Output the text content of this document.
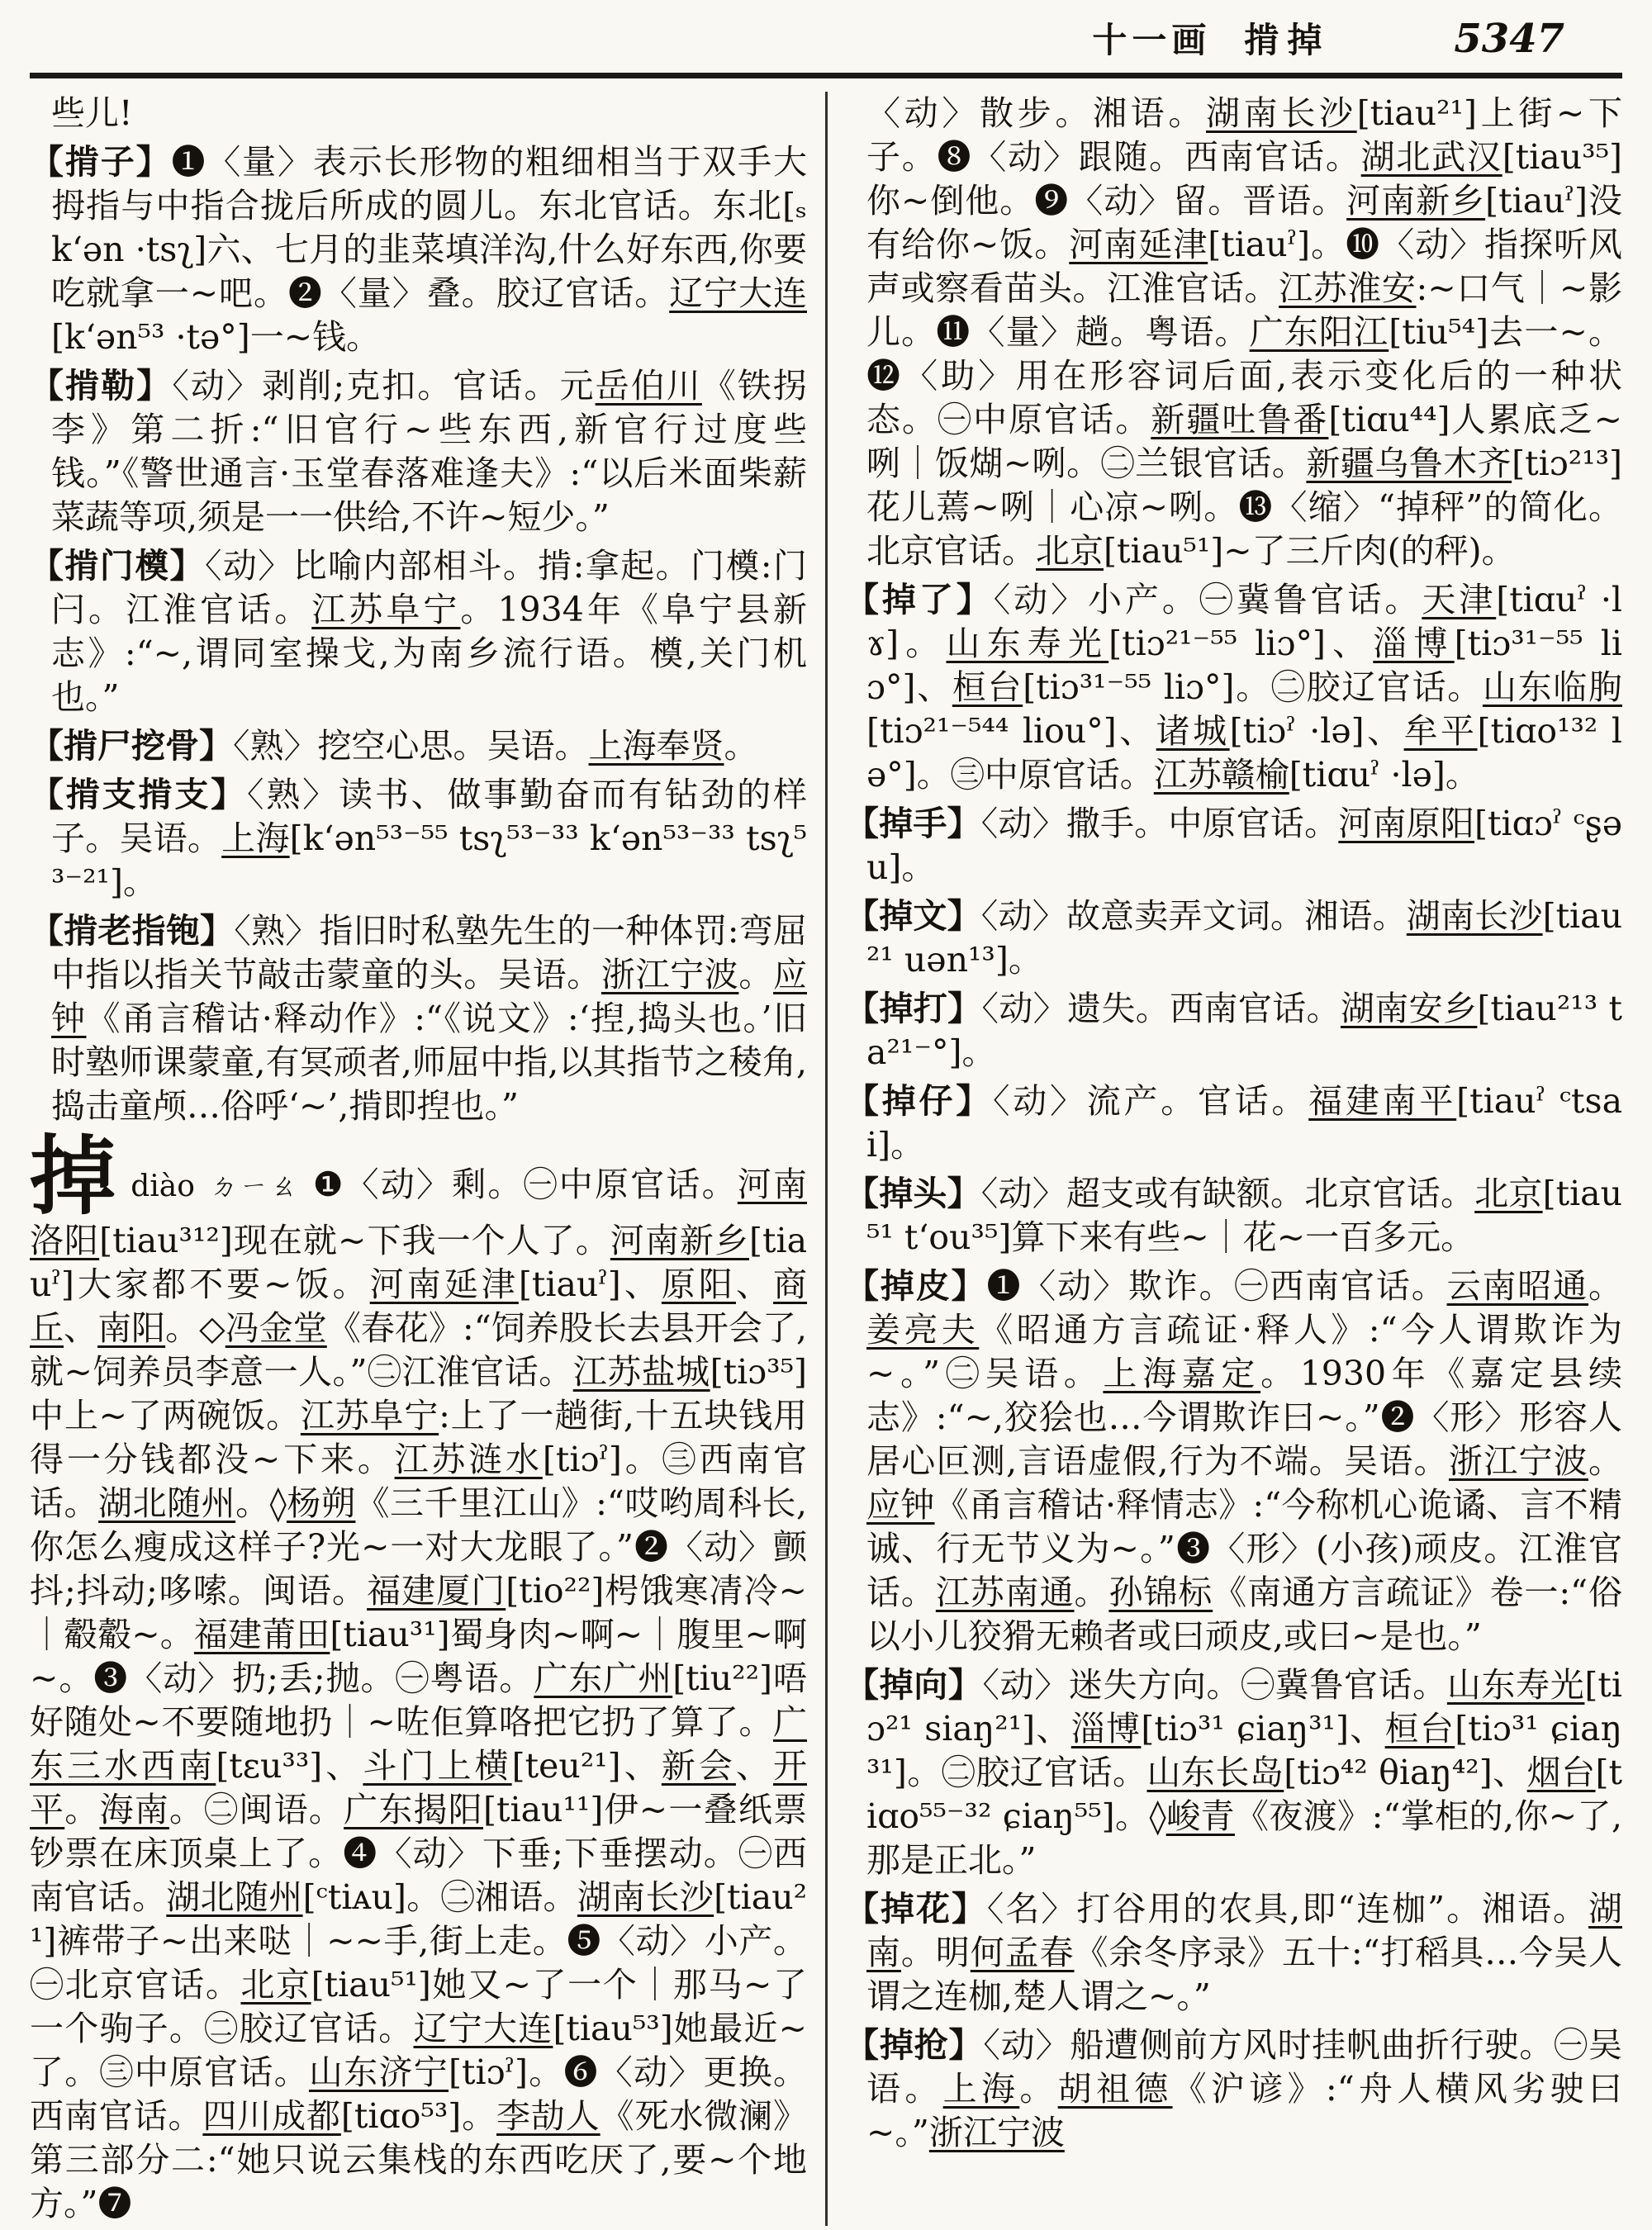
十一画 掯掉	5347

些儿!

【掯子】❶〈量〉表示长形物的粗细相当于双手大拇指与中指合拢后所成的圆儿。东北官话。东北[ₛk‘ən ·tsʅ]六、七月的韭菜填洋沟,什么好东西,你要吃就拿一~吧。❷〈量〉叠。胶辽官话。辽宁大连[k‘ən⁵³ ·tə°]一~钱。

【掯勒】〈动〉剥削;克扣。官话。元岳伯川《铁拐李》第二折:“旧官行~些东西,新官行过度些钱。”《警世通言·玉堂春落难逢夫》:“以后米面柴薪菜蔬等项,须是一一供给,不许~短少。”

【掯门橂】〈动〉比喻内部相斗。掯:拿起。门橂:门闩。江淮官话。江苏阜宁。1934年《阜宁县新志》:“~,谓同室操戈,为南乡流行语。橂,关门机也。”

【掯尸挖骨】〈熟〉挖空心思。吴语。上海奉贤。

【掯支掯支】〈熟〉读书、做事勤奋而有钻劲的样子。吴语。上海[k‘ən⁵³⁻⁵⁵ tsʅ⁵³⁻³³ k‘ən⁵³⁻³³ tsʅ⁵³⁻²¹]。

【掯老指铇】〈熟〉指旧时私塾先生的一种体罚:弯屈中指以指关节敲击蒙童的头。吴语。浙江宁波。应钟《甬言稽诂·释动作》:“《说文》:‘揑,捣头也。’旧时塾师课蒙童,有冥顽者,师屈中指,以其指节之稜角,捣击童颅…俗呼‘~’,掯即揑也。”

掉diào ㄉㄧㄠ ❶〈动〉剩。㊀中原官话。河南洛阳[tiau³¹²]现在就~下我一个人了。河南新乡[tiauˀ]大家都不要~饭。河南延津[tiauˀ]、原阳、商丘、南阳。◇冯金堂《春花》:“饲养股长去县开会了,就~饲养员李意一人。”㊁江淮官话。江苏盐城[tiɔ³⁵]中上~了两碗饭。江苏阜宁:上了一趟街,十五块钱用得一分钱都没~下来。江苏涟水[tiɔˀ]。㊂西南官话。湖北随州。◊杨朔《三千里江山》:“哎哟周科长,你怎么瘦成这样子?光~一对大龙眼了。”❷〈动〉颤抖;抖动;哆嗦。闽语。福建厦门[tio²²]枵饿寒凊冷~｜觳觳~。福建莆田[tiau³¹]蜀身肉~啊~｜腹里~啊~。❸〈动〉扔;丢;抛。㊀粤语。广东广州[tiu²²]唔好随处~不要随地扔｜~咗佢算咯把它扔了算了。广东三水西南[tɛu³³]、斗门上横[teu²¹]、新会、开平。海南。㊁闽语。广东揭阳[tiau¹¹]伊~一叠纸票钞票在床顶桌上了。❹〈动〉下垂;下垂摆动。㊀西南官话。湖北随州[ᶜtiᴀu]。㊁湘语。湖南长沙[tiau²¹]裤带子~出来哒｜~~手,街上走。❺〈动〉小产。㊀北京官话。北京[tiau⁵¹]她又~了一个｜那马~了一个驹子。㊁胶辽官话。辽宁大连[tiau⁵³]她最近~了。㊂中原官话。山东济宁[tiɔˀ]。❻〈动〉更换。西南官话。四川成都[tiɑo⁵³]。李劼人《死水微澜》第三部分二:“她只说云集栈的东西吃厌了,要~个地方。”❼

〈动〉散步。湘语。湖南长沙[tiau²¹]上街~下子。❽〈动〉跟随。西南官话。湖北武汉[tiau³⁵]你~倒他。❾〈动〉留。晋语。河南新乡[tiauˀ]没有给你~饭。河南延津[tiauˀ]。❿〈动〉指探听风声或察看苗头。江淮官话。江苏淮安:~口气｜~影儿。⓫〈量〉趟。粤语。广东阳江[tiu⁵⁴]去一~。⓬〈助〉用在形容词后面,表示变化后的一种状态。㊀中原官话。新疆吐鲁番[tiɑu⁴⁴]人累底乏~咧｜饭煳~咧。㊁兰银官话。新疆乌鲁木齐[tiɔ²¹³]花儿蔫~咧｜心凉~咧。⓭〈缩〉“掉秤”的简化。北京官话。北京[tiau⁵¹]~了三斤肉(的秤)。

【掉了】〈动〉小产。㊀冀鲁官话。天津[tiɑuˀ ·lɤ]。山东寿光[tiɔ²¹⁻⁵⁵ liɔ°]、淄博[tiɔ³¹⁻⁵⁵ liɔ°]、桓台[tiɔ³¹⁻⁵⁵ liɔ°]。㊁胶辽官话。山东临朐[tiɔ²¹⁻⁵⁴⁴ liou°]、诸城[tiɔˀ ·lə]、牟平[tiɑo¹³² lə°]。㊂中原官话。江苏赣榆[tiɑuˀ ·lə]。

【掉手】〈动〉撒手。中原官话。河南原阳[tiɑɔˀ ᶜʂəu]。

【掉文】〈动〉故意卖弄文词。湘语。湖南长沙[tiau²¹ uən¹³]。

【掉打】〈动〉遗失。西南官话。湖南安乡[tiau²¹³ ta²¹⁻°]。

【掉仔】〈动〉流产。官话。福建南平[tiauˀ ᶜtsai]。

【掉头】〈动〉超支或有缺额。北京官话。北京[tiau⁵¹ t‘ou³⁵]算下来有些~｜花~一百多元。

【掉皮】❶〈动〉欺诈。㊀西南官话。云南昭通。姜亮夫《昭通方言疏证·释人》:“今人谓欺诈为~。”㊁吴语。上海嘉定。1930年《嘉定县续志》:“~,狡狯也…今谓欺诈曰~。”❷〈形〉形容人居心叵测,言语虚假,行为不端。吴语。浙江宁波。应钟《甬言稽诂·释情志》:“今称机心诡谲、言不精诚、行无节义为~。”❸〈形〉(小孩)顽皮。江淮官话。江苏南通。孙锦标《南通方言疏证》卷一:“俗以小儿狡猾无赖者或曰顽皮,或曰~是也。”

【掉向】〈动〉迷失方向。㊀冀鲁官话。山东寿光[tiɔ²¹ siaŋ²¹]、淄博[tiɔ³¹ ɕiaŋ³¹]、桓台[tiɔ³¹ ɕiaŋ³¹]。㊁胶辽官话。山东长岛[tiɔ⁴² θiaŋ⁴²]、烟台[tiɑo⁵⁵⁻³² ɕiaŋ⁵⁵]。◊峻青《夜渡》:“掌柜的,你~了,那是正北。”

【掉花】〈名〉打谷用的农具,即“连枷”。湘语。湖南。明何孟春《余冬序录》五十:“打稻具…今吴人谓之连枷,楚人谓之~。”

【掉抢】〈动〉船遭侧前方风时挂帆曲折行驶。㊀吴语。上海。胡祖德《沪谚》:“舟人横风劣驶曰~。”浙江宁波
